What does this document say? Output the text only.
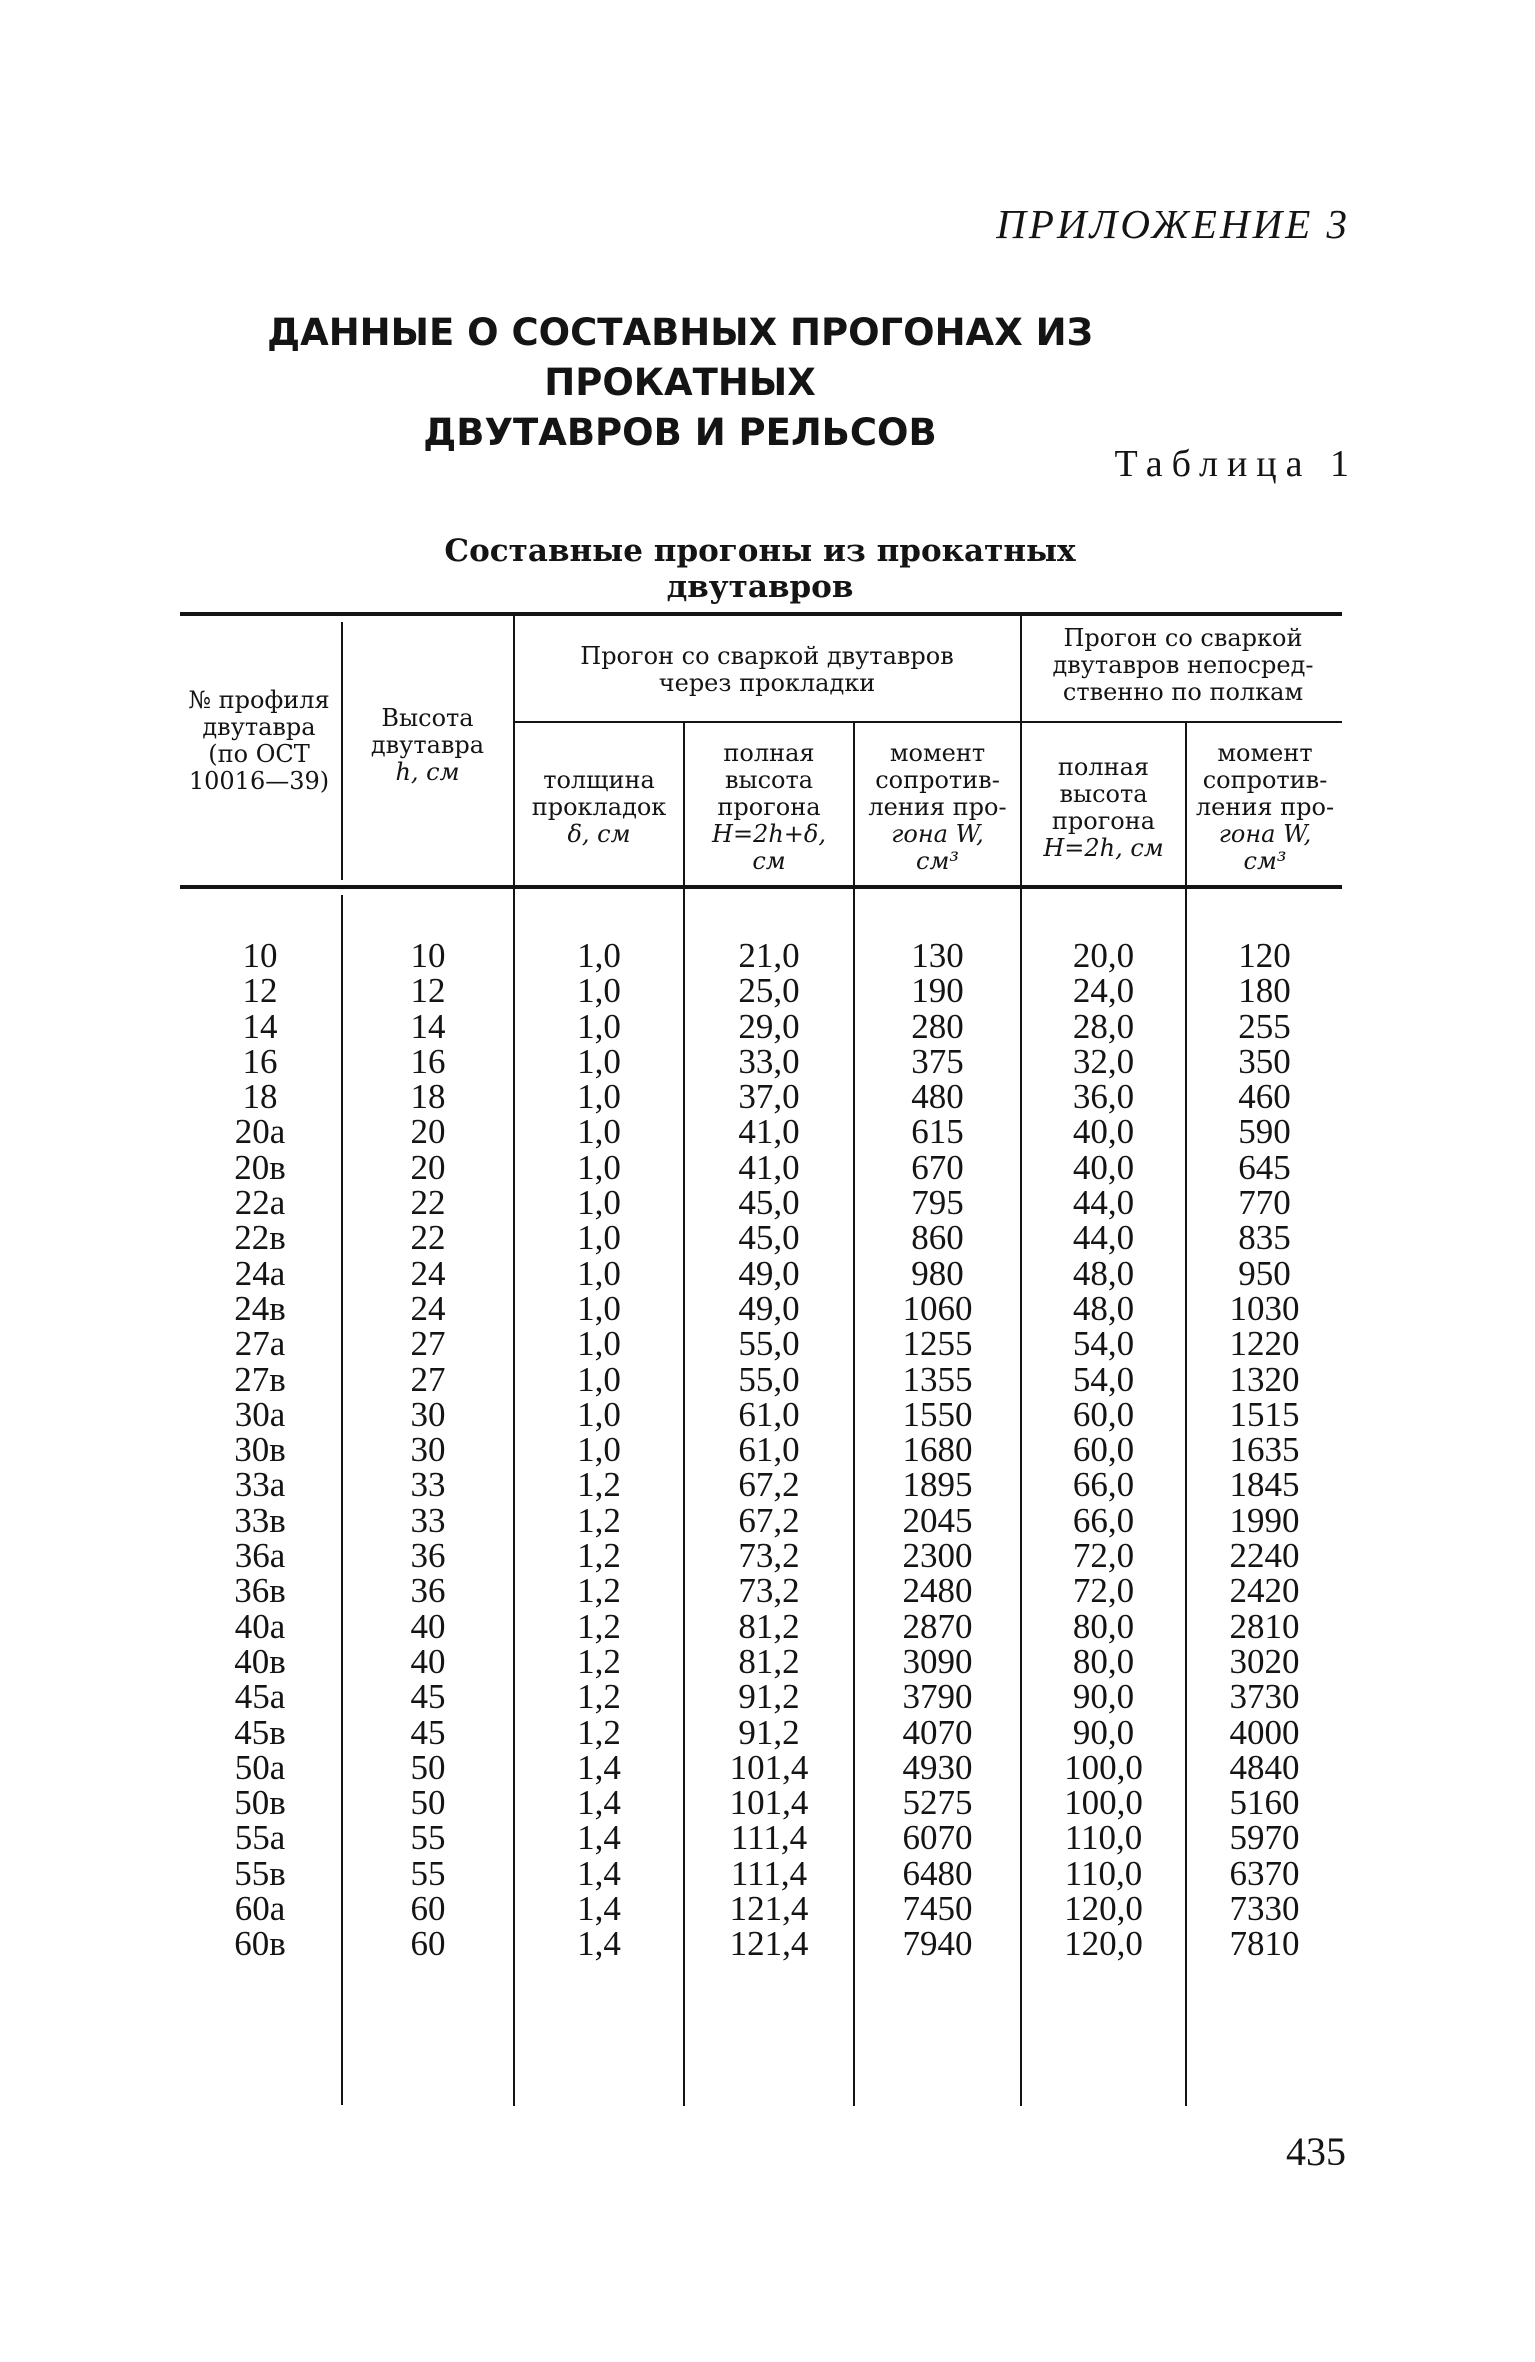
ПРИЛОЖЕНИЕ 3
ДАННЫЕ О СОСТАВНЫХ ПРОГОНАХ ИЗ ПРОКАТНЫХ
ДВУТАВРОВ И РЕЛЬСОВ
Таблица 1
Составные прогоны из прокатных двутавров
№ профиля
двутавра
(по ОСТ
10016—39)
Высота
двутавра
h, см
Прогон со сваркой двутавров
через прокладки
Прогон со сваркой
двутавров непосред-
ственно по полкам
толщина
прокладок
δ, см
полная
высота
прогона
H=2h+δ,
см
момент
сопротив-
ления про-
гона W,
см³
полная
высота
прогона
H=2h, см
момент
сопротив-
ления про-
гона W,
см³
10
12
14
16
18
20а
20в
22а
22в
24а
24в
27а
27в
30а
30в
33а
33в
36а
36в
40а
40в
45а
45в
50а
50в
55а
55в
60а
60в
10
12
14
16
18
20
20
22
22
24
24
27
27
30
30
33
33
36
36
40
40
45
45
50
50
55
55
60
60
1,0
1,0
1,0
1,0
1,0
1,0
1,0
1,0
1,0
1,0
1,0
1,0
1,0
1,0
1,0
1,2
1,2
1,2
1,2
1,2
1,2
1,2
1,2
1,4
1,4
1,4
1,4
1,4
1,4
21,0
25,0
29,0
33,0
37,0
41,0
41,0
45,0
45,0
49,0
49,0
55,0
55,0
61,0
61,0
67,2
67,2
73,2
73,2
81,2
81,2
91,2
91,2
101,4
101,4
111,4
111,4
121,4
121,4
130
190
280
375
480
615
670
795
860
980
1060
1255
1355
1550
1680
1895
2045
2300
2480
2870
3090
3790
4070
4930
5275
6070
6480
7450
7940
20,0
24,0
28,0
32,0
36,0
40,0
40,0
44,0
44,0
48,0
48,0
54,0
54,0
60,0
60,0
66,0
66,0
72,0
72,0
80,0
80,0
90,0
90,0
100,0
100,0
110,0
110,0
120,0
120,0
120
180
255
350
460
590
645
770
835
950
1030
1220
1320
1515
1635
1845
1990
2240
2420
2810
3020
3730
4000
4840
5160
5970
6370
7330
7810
435
